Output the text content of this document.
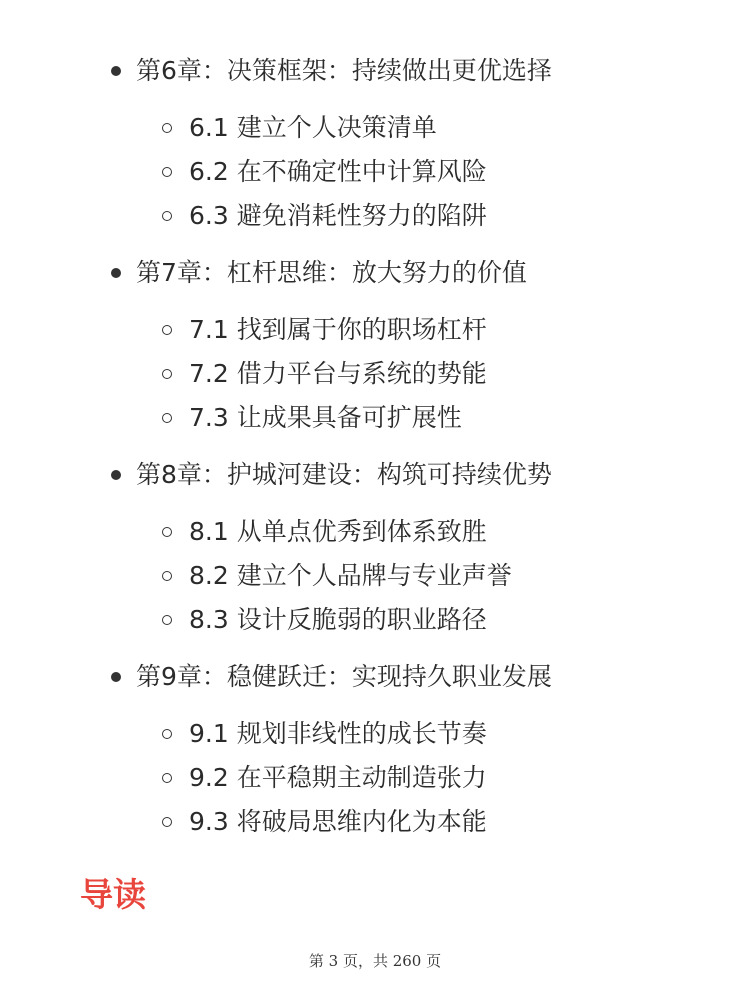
第6章：决策框架：持续做出更优选择
6.1 建立个人决策清单
6.2 在不确定性中计算风险
6.3 避免消耗性努力的陷阱
第7章：杠杆思维：放大努力的价值
7.1 找到属于你的职场杠杆
7.2 借力平台与系统的势能
7.3 让成果具备可扩展性
第8章：护城河建设：构筑可持续优势
8.1 从单点优秀到体系致胜
8.2 建立个人品牌与专业声誉
8.3 设计反脆弱的职业路径
第9章：稳健跃迁：实现持久职业发展
9.1 规划非线性的成长节奏
9.2 在平稳期主动制造张力
9.3 将破局思维内化为本能
导读
第 3 页，共 260 页
